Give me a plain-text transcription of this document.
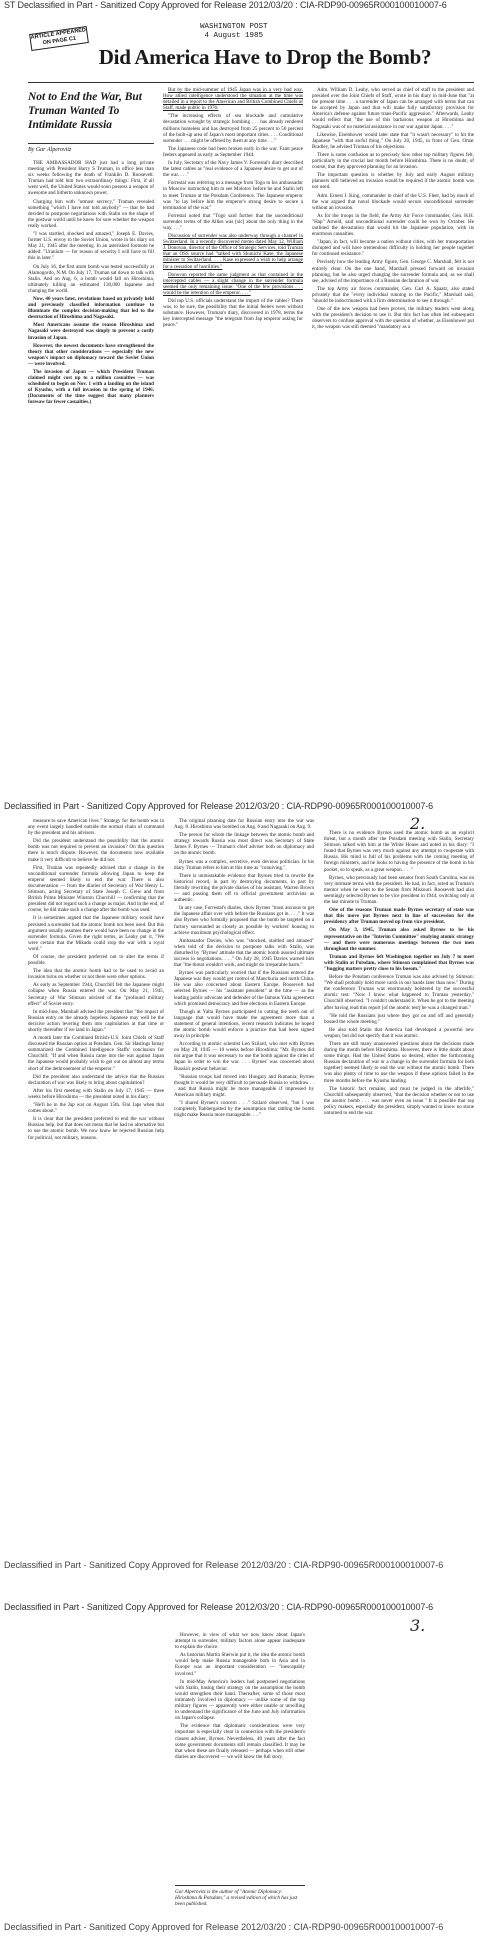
ST Declassified in Part - Sanitized Copy Approved for Release 2012/03/20 : CIA-RDP90-00965R000100010007-6
ARTICLE APPEARED ON PAGE C1
WASHINGTON POST
4 August 1985
Did America Have to Drop the Bomb?
Not to End the War, But Truman Wanted To Intimidate Russia
By Gar Alperovitz

THE AMBASSADOR HAD just had a long private meeting with President Harry S Truman, in office less than six weeks following the death of Franklin D. Roosevelt. Truman had told him two extraordinary things: First, if all went well, the United States would soon possess a weapon of awesome and hitherto unknown power.

Charging him with "utmost secrecy," Truman revealed something "which I have not told anybody" — that he had decided to postpone negotiations with Stalin on the shape of the postwar world until he knew for sure whether the weapon really worked.

"I was startled, shocked and amazed," Joseph E. Davies, former U.S. envoy to the Soviet Union, wrote in his diary on May 21, 1945 after the meeting. In an asterisked footnote he added: "Uranium — for reason of security I will have to fill this in later."

On July 16, the first atom bomb was tested successfully at Alamogordo, N.M. On July 17, Truman sat down to talk with Stalin. And on Aug. 6, a bomb would fall on Hiroshima, ultimately killing an estimated 130,000 Japanese and changing the world.

Now, 40 years later, revelations based on privately held and previously classified information continue to illuminate the complex decision-making that led to the destruction of Hiroshima and Nagasaki.

Most Americans assume the reason Hiroshima and Nagasaki were destroyed was simply to prevent a costly invasion of Japan.

However, the newest documents have strengthened the theory that other considerations — especially the new weapon's impact on diplomacy toward the Soviet Union — were involved.

The invasion of Japan — which President Truman claimed might cost up to a million casualties — was scheduled to begin on Nov. 1 with a landing on the island of Kyushu, with a full invasion in the spring of 1946. (Documents of the time suggest that many planners foresaw far fewer casualties.)

But by the mid-summer of 1945 Japan was in a very bad way. How allied intelligence understood the situation at the time was detailed in a report to the American and British Combined Chiefs of Staff, made public in 1976:

"The increasing effects of sea blockade and cumulative devastation wrought by strategic bombing . . . has already rendered millions homeless and has destroyed from 25 percent to 50 percent of the built-up area of Japan's most important cities. . . . Conditional surrender . . . might be offered by them at any time . . ."

The Japanese code had been broken early in the war. Faint peace feelers appeared as early as September 1944.

In July, Secretary of the Navy James V. Forrestal's diary described the latest cables as "real evidence of a Japanese desire to get out of the war. . . ."

Forrestal was referring to a message from Togo to his ambassador in Moscow instructing him to see Molotov before he and Stalin left to meet Truman at the Potsdam Conference. The Japanese emperor was "to lay before him the emperor's strong desire to secure a termination of the war."

Forrestal noted that "Togo said further that the unconditional surrender terms of the Allies was [sic] about the only thing in the way. . . ."

Discussion of surrender was also underway through a channel in Switzerland. In a recently discovered memo dated May 12, William J. Donovan, director of the Office of Strategic Services, told Truman that an OSS source had "talked with Shunichi Kase, the Japanese minister to Switzerland. . . . Kase expressed a wish to help arrange for a cessation of hostilities."

Donovan reported the same judgment as that contained in the intercepted cables — a slight change in the surrender formula seemed the only remaining issue: "One of the few provisions . . . would be the retention of the emperor. . . ."

Did top U.S. officials understand the import of the cables? There was, to be sure, the possibility that the initial feelers were without substance. However, Truman's diary, discovered in 1978, terms the key intercepted message "the telegram from Jap emperor asking for peace."

Adm. William D. Leahy, who served as chief of staff to the president and presided over the Joint Chiefs of Staff, wrote in his diary in mid-June that "at the present time . . . a surrender of Japan can be arranged with terms that can be accepted by Japan and that will make fully satisfactory provision for America's defense against future trans-Pacific aggression." Afterwards, Leahy would reflect that "the use of this barbarous weapon at Hiroshima and Nagasaki was of no material assistance in our war against Japan. . . ."

Likewise, Eisenhower would later state that "it wasn't necessary" to hit the Japanese "with that awful thing." On July 20, 1945, in front of Gen. Omar Bradley, he advised Truman of his objections.

There is some confusion as to precisely how other top military figures felt, particularly in the crucial last month before Hiroshima. There is no doubt, of course, that they approved planning for an invasion.

The important question is whether by July and early August military planners still believed an invasion would be required if the atomic bomb was not used.

Adm. Ernest J. King, commander in chief of the U.S. Fleet, had by much of the war argued that naval blockade would secure unconditional surrender without an invasion.

As for the troops in the field, the Army Air Force commander, Gen. H.H. "Hap" Arnold, said unconditional surrender could be won by October. He outlined the devastation that would hit the Japanese population, with its enormous casualties.

"Japan, in fact, will become a nation without cities, with her transportation disrupted and will have tremendous difficulty in holding her people together for continued resistance."

Precisely how the leading Army figure, Gen. George C. Marshall, felt is not entirely clear. On the one hand, Marshall pressed forward on invasion planning, but he also urged changing the surrender formula and, as we shall see, advised of the importance of a Russian declaration of war.

The top Army air forces commander, Gen. Carl A. Spaatz, also stated privately that the "every individual running to the Pacific," Marshall said, "should be indoctrinated with a firm determination to see it through."

One of the new weapon had been proven, the military leaders went along with the president's decision to use it. But this fact has often led subsequent observers to confuse approval with the question of whether, as Eisenhower put it, the weapon was still deemed "mandatory as a

Declassified in Part - Sanitized Copy Approved for Release 2012/03/20 : CIA-RDP90-00965R000100010007-6
2.

measure to save American lives." Strategy for the bomb was in any event largely handled outside the normal chain of command by the president and his advisers.

Did the president understand the possibility that the atomic bomb was not required to prevent an invasion? On this question there is much dispute. However, the documents now available make it very difficult to believe he did not.

First, Truman was repeatedly advised that a change in the unconditional surrender formula allowing Japan to keep the emperor seemed likely to end the war. There is also documentation — from the diaries of Secretary of War Henry L. Stimson, acting Secretary of State Joseph C. Grew and from British Prime Minister Winston Churchill — confirming that the president did not regard such a change as major. And in the end, of course, he did make such a change after the bomb was used.

It is sometimes argued that the Japanese military would have persisted a surrender had the atomic bomb not been used. But this argument usually assumes there would have been no change in the surrender formula. Given the right terms, as Leahy put it, "We were certain that the Mikado could stop the war with a royal word."

Of course, the president preferred not to alter the terms if possible.

The idea that the atomic bomb had to be used to avoid an invasion turns on whether or not there were other options.

As early as September 1944, Churchill felt the Japanese might collapse when Russia entered the war. On May 21, 1945, Secretary of War Stimson advised of the "profound military effect" of Soviet entry.

In mid-June, Marshall advised the president that "the impact of Russian entry on the already hopeless Japanese may well be the decisive action levering them into capitulation at that time or shortly thereafter if we land in Japan."

A month later the Combined British-U.S. Joint Chiefs of Staff discussed the Russian option at Potsdam. Gen. Sir Hastings Ismay summarized the Combined Intelligence Staffs' conclusion for Churchill: "If and when Russia came into the war against Japan the Japanese would probably wish to get out on almost any terms short of the dethronement of the emperor."

Did the president also understand the advice that the Russian declaration of war was likely to bring about capitulation?

After his first meeting with Stalin on July 17, 1945 — three weeks before Hiroshima — the president noted in his diary:

"He'll be in the Jap war on August 15th. Fini Japs when that comes about."

It is clear that the president preferred to end the war without Russian help, but that does not mean that he had no alternative but to use the atomic bomb. We now know he rejected Russian help for political, not military, reasons.

The original planning date for Russian entry into the war was Aug. 8. Hiroshima was bombed on Aug. 6 and Nagasaki on Aug. 9.

The person for whom the linkage between the atomic bomb and strategy towards Russia was most direct was Secretary of State James F. Byrnes — Truman's chief adviser both on diplomacy and on the atomic bomb.

Byrnes was a complex, secretive, even devious politician. In his diary Truman refers to him at this time as "conniving."

There is unmistakable evidence that Byrnes tried to rewrite the historical record, in part by destroying documents, in part by literally rewriting the private diaries of his assistant, Warren Brown — and passing them off to official government archivists as authentic.

In any case, Forrestal's diaries, show Byrnes "most anxious to get the Japanese affair over with before the Russians got in. . . ." It was also Byrnes who formally proposed that the bomb be targeted on a factory surrounded as closely as possible by workers' housing to achieve maximum psychological effect.

Ambassador Davies, who was "shocked, startled and amazed" when told of the decision to postpone talks with Stalin, was disturbed by "Byrnes' attitude that the atomic bomb assured ultimate success in negotiations. . . ." On July 28, 1945 Davies warned him that "the threat wouldn't work, and might do irreparable harm."

Byrnes was particularly worried that if the Russians entered the Japanese war they would get control of Manchuria and north China. He was also concerned about Eastern Europe. Roosevelt had selected Byrnes — his "assistant president" at the time — as the leading public advocate and defender of the famous Yalta agreement which promised democracy and free elections in Eastern Europe.

Though at Yalta Byrnes participated in cutting the teeth out of language that would have made the agreement more than a statement of general intentions, recent research indicates he hoped the atomic bomb would enforce a practice that had been signed away in principle.

According to atomic scientist Leo Szilard, who met with Byrnes on May 28, 1945 — 10 weeks before Hiroshima: "Mr. Byrnes did not argue that it was necessary to use the bomb against the cities of Japan in order to win the war. . . . Byrnes' was concerned about Russia's postwar behavior.

"Russian troops had moved into Hungary and Rumania; Byrnes thought it would be very difficult to persuade Russia to withdraw . . . and that Russia might be more manageable if impressed by American military might.

"I shared Byrnes's concern . . ." Szilard observed, "but I was completely flabbergasted by the assumption that rattling the bomb might make Russia more manageable. . . ."

There is no evidence Byrnes used the atomic bomb as an explicit threat, but a month after the Potsdam meeting with Stalin, Secretary Stimson talked with him at the White House and noted in his diary: "I found that Byrnes was very much against any attempt to cooperate with Russia. His mind is full of his problems with the coming meeting of foreign ministers, and he looks to having the presence of the bomb in his pocket, so to speak, as a great weapon. . . ."

Byrnes, who previously had been senator from South Carolina, was on very intimate terms with the president. He had, in fact, acted as Truman's mentor when he went to the Senate from Missouri. Roosevelt had also seemingly selected Byrnes to be vice president in 1944, switching only at the last minute to Truman.

One of the reasons Truman made Byrnes secretary of state was that this move put Byrnes next in line of succession for the presidency after Truman moved up from vice president.

On May 3, 1945, Truman also asked Byrnes to be his representative on the "Interim Committee" studying atomic strategy — and there were numerous meetings between the two men throughout the summer.

Truman and Byrnes left Washington together on July 7 to meet with Stalin at Potsdam, where Stimson complained that Byrnes was "hugging matters pretty close to his bosom."

Before the Potsdam conference Truman was also advised by Stimson: "We shall probably hold more cards in our hands later than now." During the conference Truman was enormously bolstered by the successful atomic test: "Now I know what happened to Truman yesterday," Churchill observed. "I couldn't understand it. When he got to the meeting after having read this report [of the atomic test] he was a changed man."

"He told the Russians just where they got on and off and generally bossed the whole meeting."

He also told Stalin that America had developed a powerful new weapon, but did not specify that it was atomic.

There are still many unanswered questions about the decisions made during the month before Hiroshima. However, there is little doubt about some things. Had the United States so desired, either the forthcoming Russian declaration of war or a change in the surrender formula for both together) seemed likely to end the war without the atomic bomb. There was also plenty of time to use the weapon if these options failed in the three months before the Kyushu landing.

The historic fact remains, and must be judged in the afterlife," Churchill subsequently observed, "that the decision whether or not to use the atomic bomb . . . was never even an issue." It is possible that top policy makers, especially the president, simply wanted to know no stone unturned to end the war.

Declassified in Part - Sanitized Copy Approved for Release 2012/03/20 : CIA-RDP90-00965R000100010007-6
Declassified in Part - Sanitized Copy Approved for Release 2012/03/20 : CIA-RDP90-00965R000100010007-6
3.

However, in view of what we now know about Japan's attempt to surrender, military factors alone appear inadequate to explain the choice.

As historian Martin Sherwin put it, the idea the atomic bomb would help make Russia manageable both in Asia and in Europe was an important consideration — "inescapably involved."

In mid-May America's leaders had postponed negotiations with Stalin, basing their strategy on the assumption the bomb would strengthen their hand. Thereafter, some of those most intimately involved in diplomacy — unlike some of the top military figures — apparently were either unable or unwilling to understand the significance of the June and July information on Japan's collapse.

The evidence that diplomatic considerations were very important is especially clear in connection with the president's closest adviser, Byrnes. Nevertheless, 40 years after the fact some government documents still remain classified. It may be that when these are finally released — perhaps when still other diaries are discovered — we will know the full story.

Gar Alperovitz is the author of "Atomic Diplomacy: Hiroshima & Potsdam," a revised edition of which has just been published.
Declassified in Part - Sanitized Copy Approved for Release 2012/03/20 : CIA-RDP90-00965R000100010007-6
